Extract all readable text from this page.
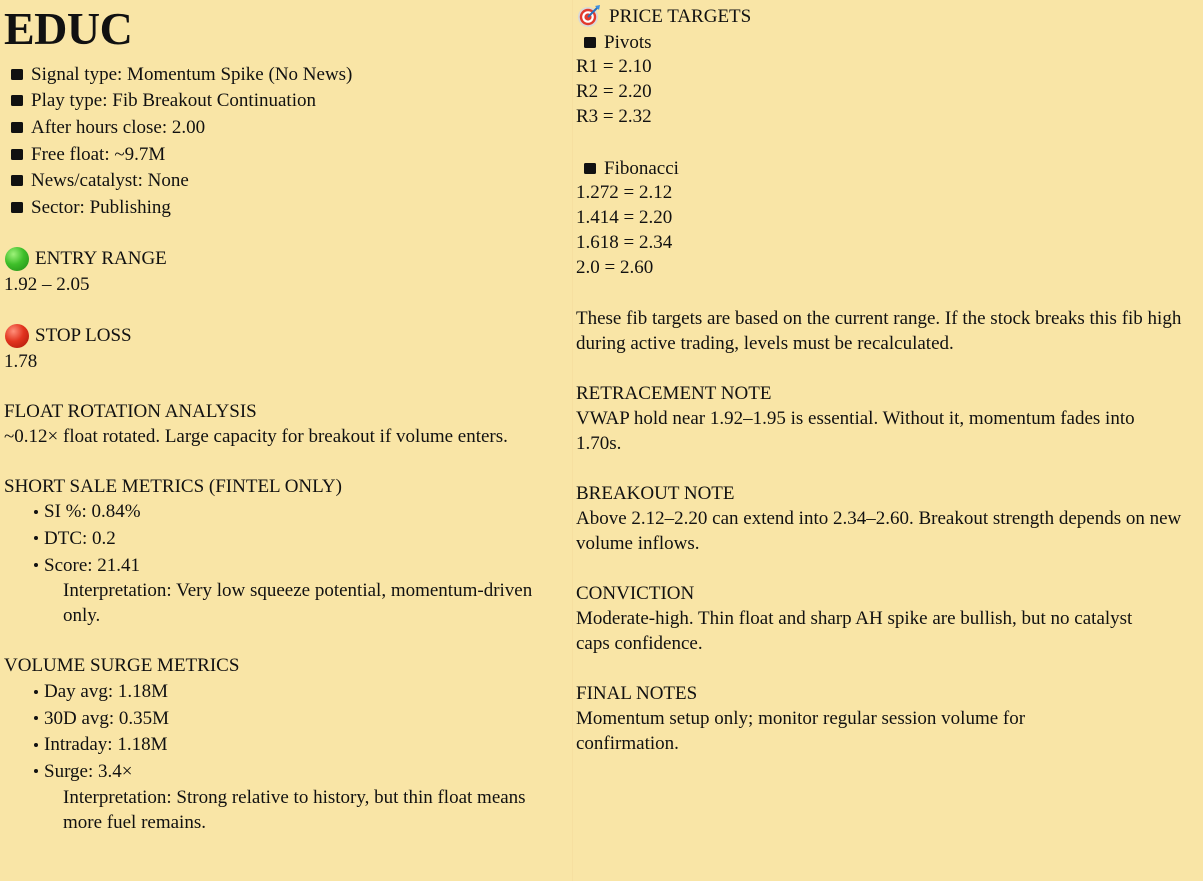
EDUC
Signal type: Momentum Spike (No News)
Play type: Fib Breakout Continuation
After hours close: 2.00
Free float: ~9.7M
News/catalyst: None
Sector: Publishing
ENTRY RANGE
1.92 – 2.05
STOP LOSS
1.78
FLOAT ROTATION ANALYSIS
~0.12× float rotated. Large capacity for breakout if volume enters.
SHORT SALE METRICS (FINTEL ONLY)
SI %: 0.84%
DTC: 0.2
Score: 21.41
Interpretation: Very low squeeze potential, momentum-driven only.
VOLUME SURGE METRICS
Day avg: 1.18M
30D avg: 0.35M
Intraday: 1.18M
Surge: 3.4×
Interpretation: Strong relative to history, but thin float means more fuel remains.
PRICE TARGETS
Pivots
R1 = 2.10
R2 = 2.20
R3 = 2.32
Fibonacci
1.272 = 2.12
1.414 = 2.20
1.618 = 2.34
2.0 = 2.60
These fib targets are based on the current range. If the stock breaks this fib high during active trading, levels must be recalculated.
RETRACEMENT NOTE
VWAP hold near 1.92–1.95 is essential. Without it, momentum fades into 1.70s.
BREAKOUT NOTE
Above 2.12–2.20 can extend into 2.34–2.60. Breakout strength depends on new volume inflows.
CONVICTION
Moderate-high. Thin float and sharp AH spike are bullish, but no catalyst caps confidence.
FINAL NOTES
Momentum setup only; monitor regular session volume for confirmation.
